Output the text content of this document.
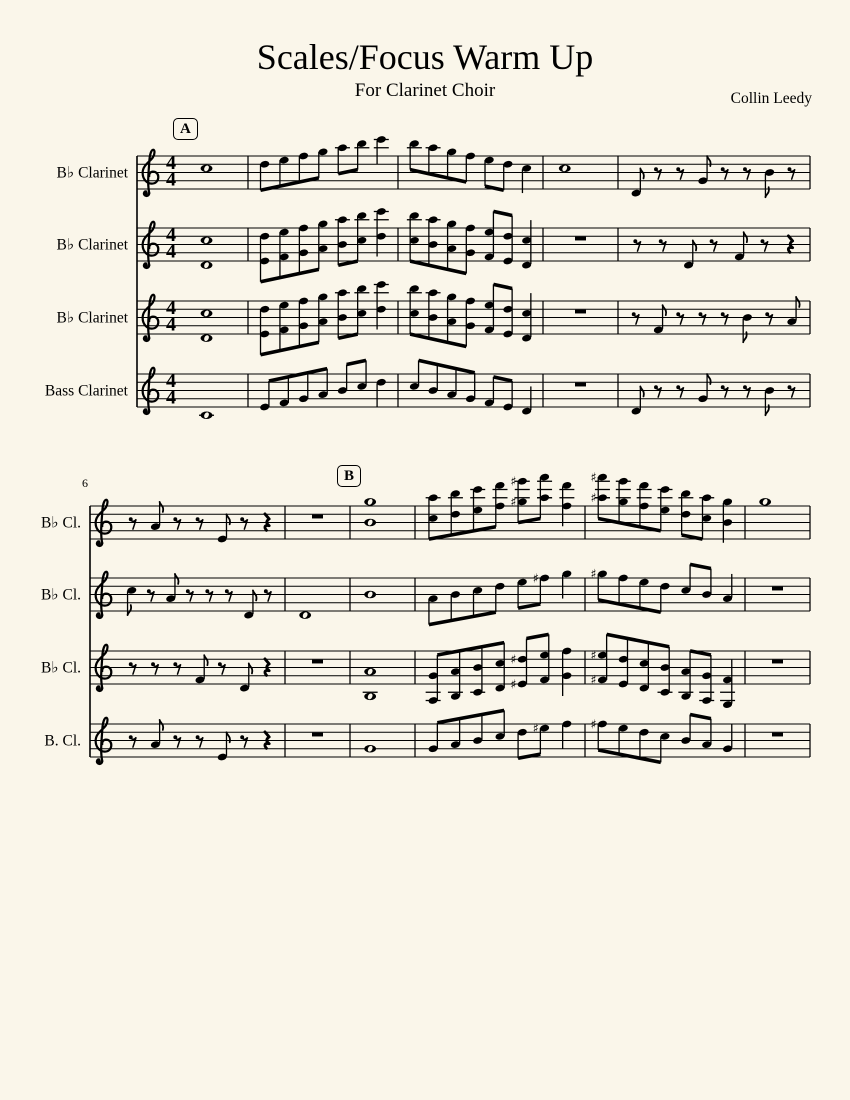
Scales/Focus Warm Up
For Clarinet Choir	Collin Leedy
A
B
6
B♭ Clarinet 4
4
B♭ Clarinet 4
4
B♭ Clarinet 4
4
Bass Clarinet 4
4
B♭ Cl.
♯
♯
♯
♯
B♭ Cl.
♯	♯
B♭ Cl.
♯
♯
♯
♯
B. Cl.
♯	♯
